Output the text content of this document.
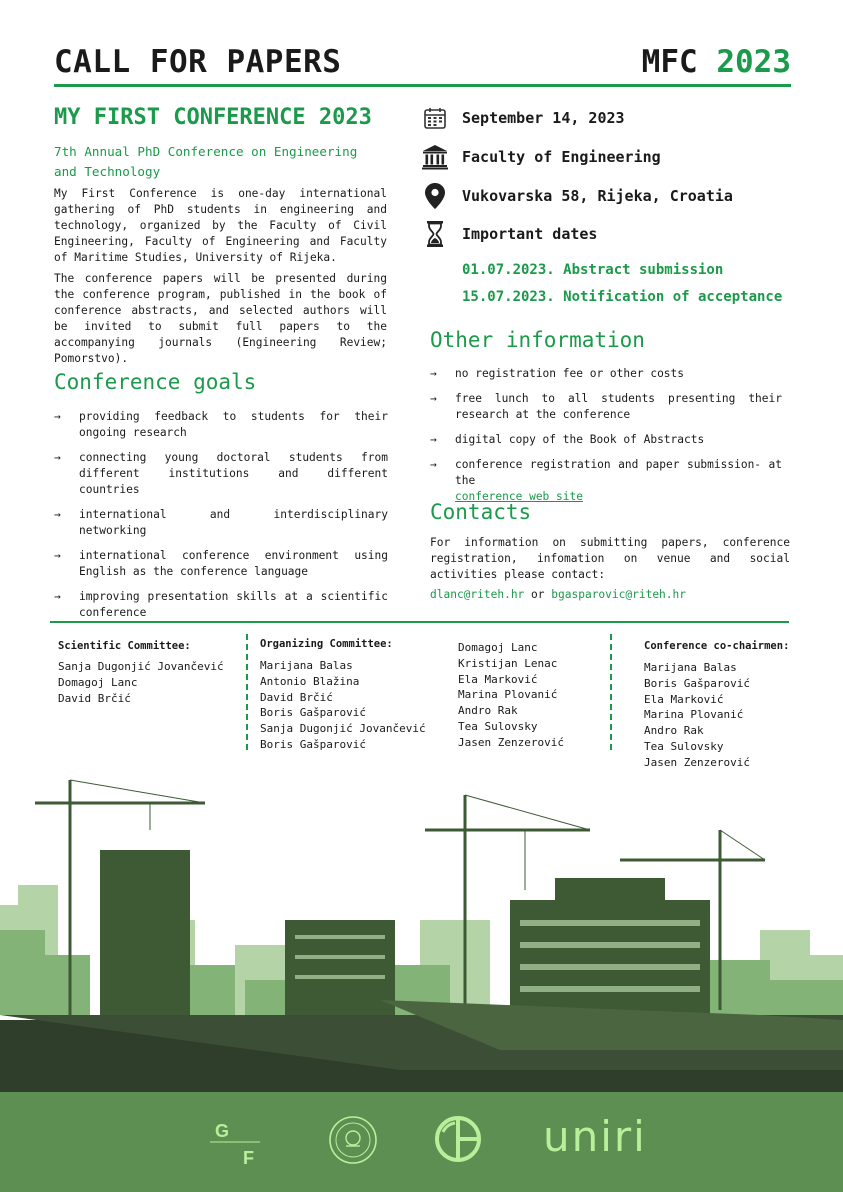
CALL FOR PAPERS	MFC 2023
MY FIRST CONFERENCE 2023
7th Annual PhD Conference on Engineering and Technology
My First Conference is one-day international gathering of PhD students in engineering and technology, organized by the Faculty of Civil Engineering, Faculty of Engineering and Faculty of Maritime Studies, University of Rijeka.
The conference papers will be presented during the conference program, published in the book of conference abstracts, and selected authors will be invited to submit full papers to the accompanying journals (Engineering Review; Pomorstvo).
Conference goals
→ providing feedback to students for their ongoing research
→ connecting young doctoral students from different institutions and different countries
→ international and interdisciplinary networking
→ international conference environment using English as the conference language
→ improving presentation skills at a scientific conference
September 14, 2023
Faculty of Engineering
Vukovarska 58, Rijeka, Croatia
Important dates
01.07.2023. Abstract submission
15.07.2023. Notification of acceptance
Other information
→ no registration fee or other costs
→ free lunch to all students presenting their research at the conference
→ digital copy of the Book of Abstracts
→ conference registration and paper submission- at the
conference web site
Contacts
For information on submitting papers, conference registration, infomation on venue and social activities please contact:
dlanc@riteh.hr or bgasparovic@riteh.hr
Scientific Committee:
Sanja Dugonjić Jovančević
Domagoj Lanc
David Brčić
Organizing Committee:
Marijana Balas
Antonio Blažina
David Brčić
Boris Gašparović
Sanja Dugonjić Jovančević
Boris Gašparović
Domagoj Lanc
Kristijan Lenac
Ela Marković
Marina Plovanić
Andro Rak
Tea Sulovsky
Jasen Zenzerović
Conference co-chairmen:
Marijana Balas
Boris Gašparović
Ela Marković
Marina Plovanić
Andro Rak
Tea Sulovsky
Jasen Zenzerović
G
F	uniri
